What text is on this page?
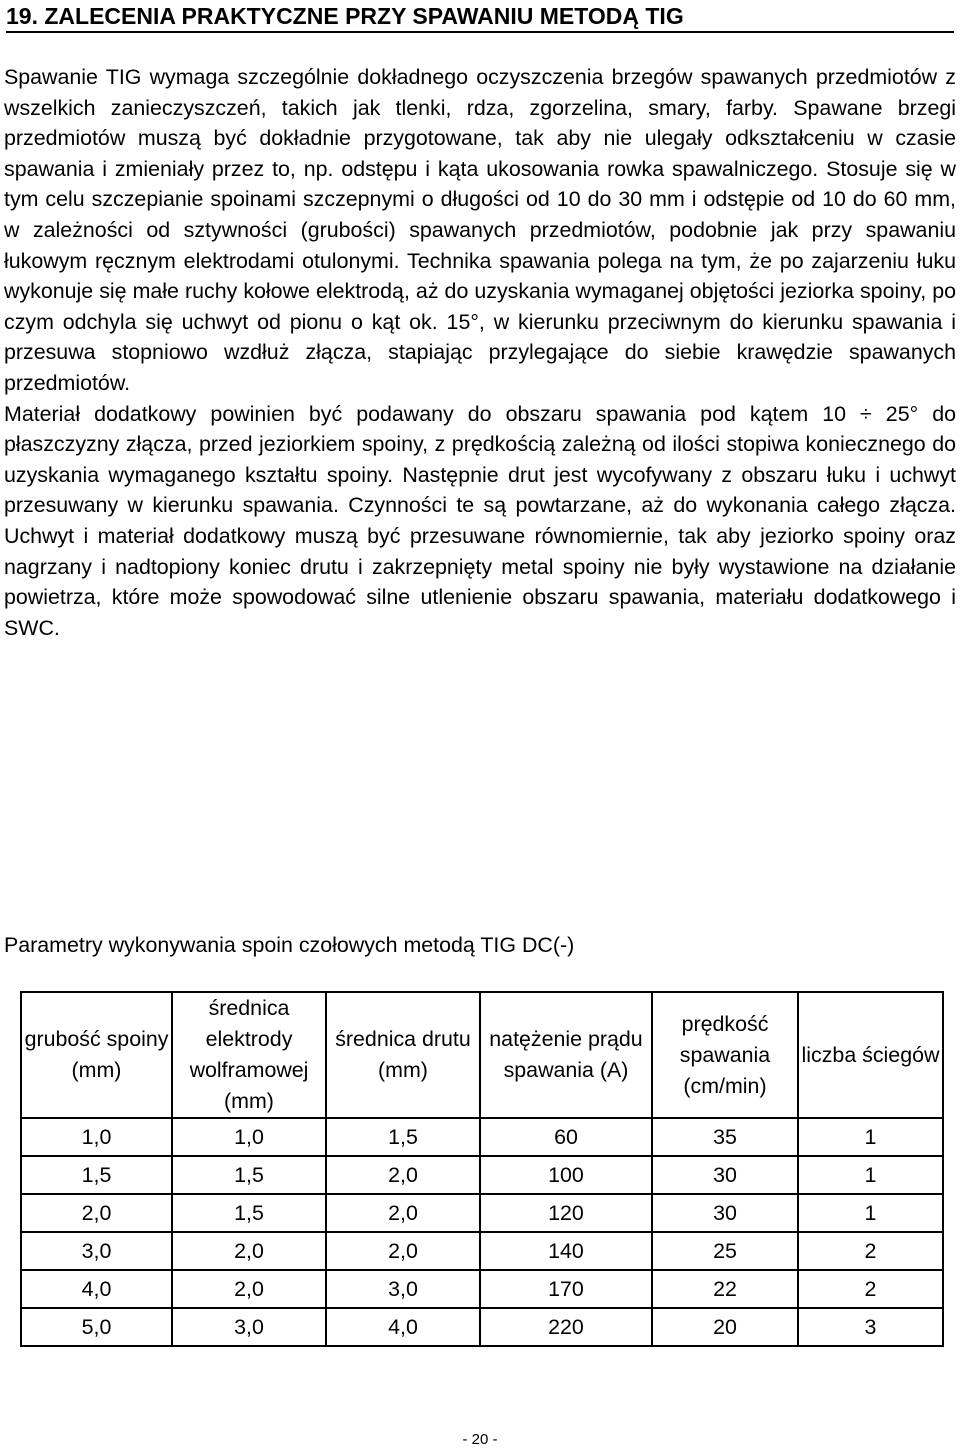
19. ZALECENIA PRAKTYCZNE PRZY SPAWANIU METODĄ TIG

Spawanie TIG wymaga szczególnie dokładnego oczyszczenia brzegów spawanych przedmiotów z wszelkich zanieczyszczeń, takich jak tlenki, rdza, zgorzelina, smary, farby. Spawane brzegi przedmiotów muszą być dokładnie przygotowane, tak aby nie ulegały odkształceniu w czasie spawania i zmieniały przez to, np. odstępu i kąta ukosowania rowka spawalniczego. Stosuje się w tym celu szczepianie spoinami szczepnymi o długości od 10 do 30 mm i odstępie od 10 do 60 mm, w zależności od sztywności (grubości) spawanych przedmiotów, podobnie jak przy spawaniu łukowym ręcznym elektrodami otulonymi. Technika spawania polega na tym, że po zajarzeniu łuku wykonuje się małe ruchy kołowe elektrodą, aż do uzyskania wymaganej objętości jeziorka spoiny, po czym odchyla się uchwyt od pionu o kąt ok. 15°, w kierunku przeciwnym do kierunku spawania i przesuwa stopniowo wzdłuż złącza, stapiając przylegające do siebie krawędzie spawanych przedmiotów.

Materiał dodatkowy powinien być podawany do obszaru spawania pod kątem 10 ÷ 25° do płaszczyzny złącza, przed jeziorkiem spoiny, z prędkością zależną od ilości stopiwa koniecznego do uzyskania wymaganego kształtu spoiny. Następnie drut jest wycofywany z obszaru łuku i uchwyt przesuwany w kierunku spawania. Czynności te są powtarzane, aż do wykonania całego złącza. Uchwyt i materiał dodatkowy muszą być przesuwane równomiernie, tak aby jeziorko spoiny oraz nagrzany i nadtopiony koniec drutu i zakrzepnięty metal spoiny nie były wystawione na działanie powietrza, które może spowodować silne utlenienie obszaru spawania, materiału dodatkowego i SWC.

Parametry wykonywania spoin czołowych metodą TIG DC(-)

grubość spoiny (mm)	średnica elektrody wolframowej (mm)	średnica drutu (mm)	natężenie prądu spawania (A)	prędkość spawania (cm/min)	liczba ściegów
1,0	1,0	1,5	60	35	1
1,5	1,5	2,0	100	30	1
2,0	1,5	2,0	120	30	1
3,0	2,0	2,0	140	25	2
4,0	2,0	3,0	170	22	2
5,0	3,0	4,0	220	20	3
- 20 -
